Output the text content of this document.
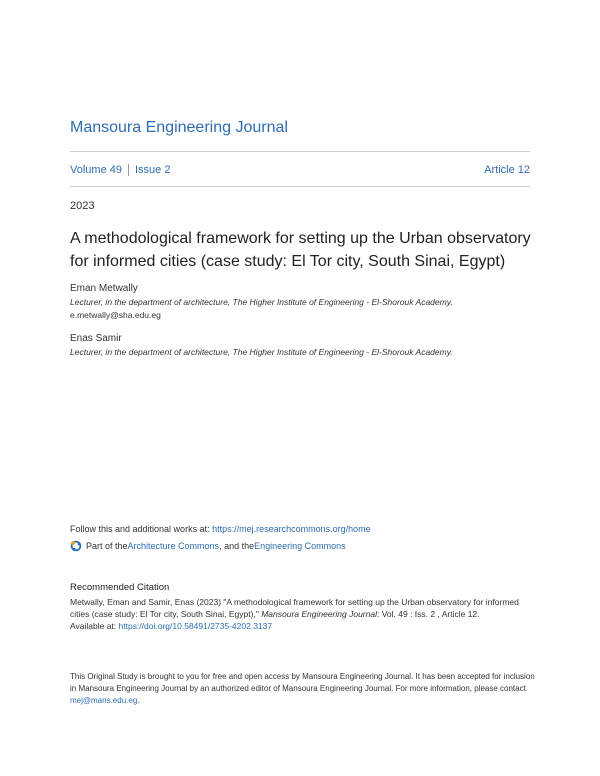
Mansoura Engineering Journal
Volume 49 Issue 2	Article 12
2023
A methodological framework for setting up the Urban observatory for informed cities (case study: El Tor city, South Sinai, Egypt)
Eman Metwally
Lecturer, in the department of architecture, The Higher Institute of Engineering - El-Shorouk Academy,
e.metwally@sha.edu.eg
Enas Samir
Lecturer, in the department of architecture, The Higher Institute of Engineering - El-Shorouk Academy.
Follow this and additional works at: https://mej.researchcommons.org/home
Part of the Architecture Commons , and the Engineering Commons
Recommended Citation
Metwally, Eman and Samir, Enas (2023) "A methodological framework for setting up the Urban observatory for informed cities (case study: El Tor city, South Sinai, Egypt)," Mansoura Engineering Journal: Vol. 49 : Iss. 2 , Article 12.
Available at: https://doi.org/10.58491/2735-4202.3137
This Original Study is brought to you for free and open access by Mansoura Engineering Journal. It has been accepted for inclusion in Mansoura Engineering Journal by an authorized editor of Mansoura Engineering Journal. For more information, please contact mej@mans.edu.eg.
